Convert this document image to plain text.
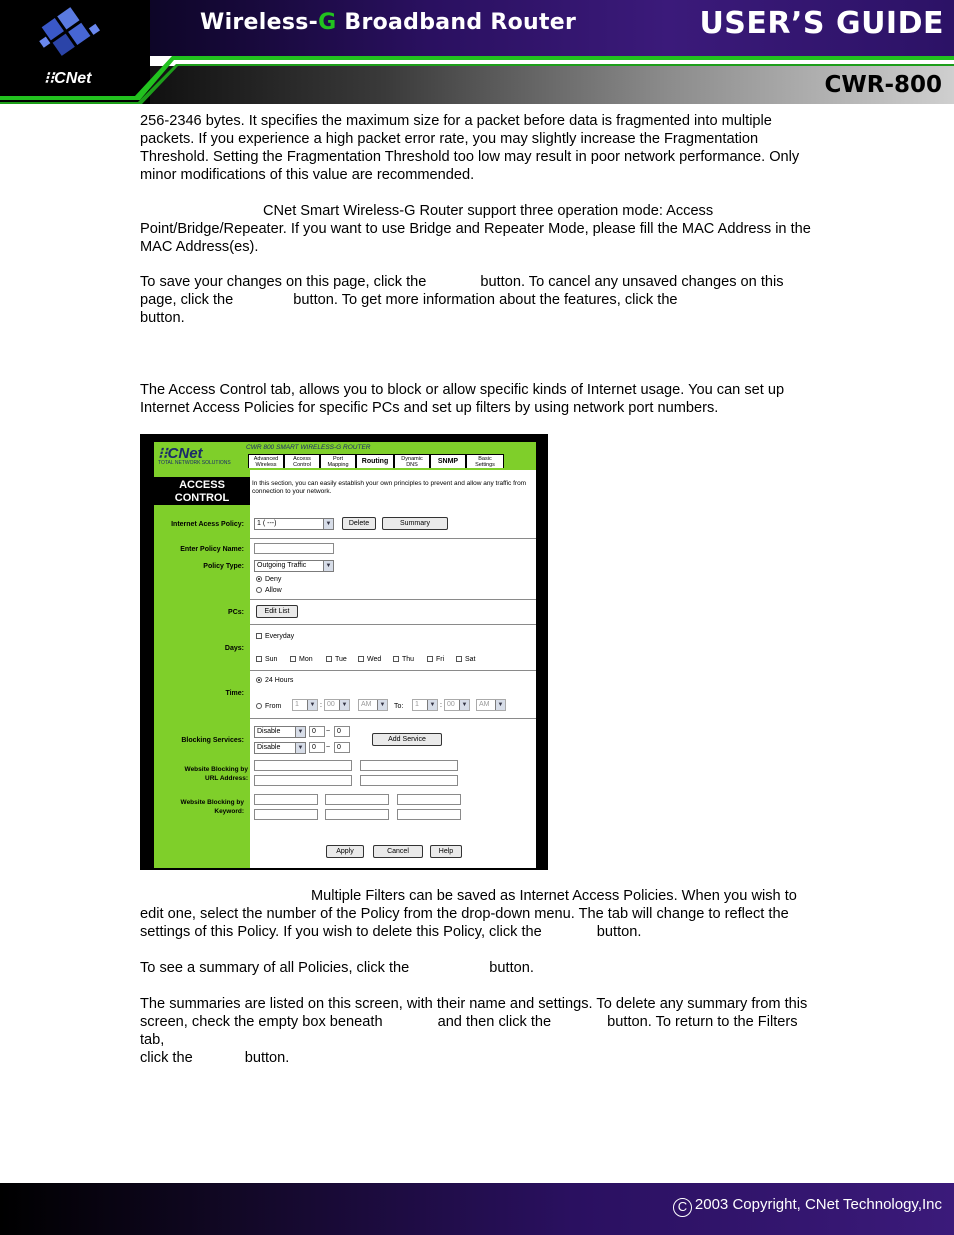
⁝⁝CNet
Wireless-G Broadband Router	USER’S GUIDE
CWR-800
256-2346 bytes. It specifies the maximum size for a packet before data is fragmented into multiple packets. If you experience a high packet error rate, you may slightly increase the Fragmentation Threshold. Setting the Fragmentation Threshold too low may result in poor network performance. Only minor modifications of this value are recommended.
CNet Smart Wireless-G Router support three operation mode: Access Point/Bridge/Repeater. If you want to use Bridge and Repeater Mode, please fill the MAC Address in the MAC Address(es).
To save your changes on this page, click the	button. To cancel any unsaved changes on this page, click the	button. To get more information about the features, click the
button.
The Access Control tab, allows you to block or allow specific kinds of Internet usage. You can set up Internet Access Policies for specific PCs and set up filters by using network port numbers.
⁝⁝CNet
TOTAL NETWORK SOLUTIONS
CWR 800 SMART WIRELESS-G ROUTER
Advanced Wireless
Access Control
Port Mapping	Routing	Dynamic DNS	SNMP	Basic Settings
ACCESS
CONTROL
In this section, you can easily establish your own principles to prevent and allow any traffic from connection to your network.
Internet Acess Policy:	1 ( ---)	▼	Delete	Summary
Enter Policy Name:
Policy Type:	Outgoing Traffic	▼
Deny
Allow
PCs:	Edit List
Everyday
Days:
Sun	Mon	Tue	Wed	Thu	Fri	Sat
24 Hours
Time:
From	1	▼ : 00	▼	AM	▼ To:	1	▼ : 00	▼	AM	▼
Blocking Services:
Disable	▼	0	~ 0
Add Service
Disable	▼	0	~ 0
Website Blocking by
URL Address:
Website Blocking by
Keyword:
Apply	Cancel	Help
Multiple Filters can be saved as Internet Access Policies. When you wish to edit one, select the number of the Policy from the drop-down menu. The tab will change to reflect the settings of this Policy. If you wish to delete this Policy, click the	button.
To see a summary of all Policies, click the	button.
The summaries are listed on this screen, with their name and settings. To delete any summary from this
screen, check the empty box beneath	and then click the	button. To return to the Filters tab,
click the	button.
C 2003 Copyright, CNet Technology,Inc
